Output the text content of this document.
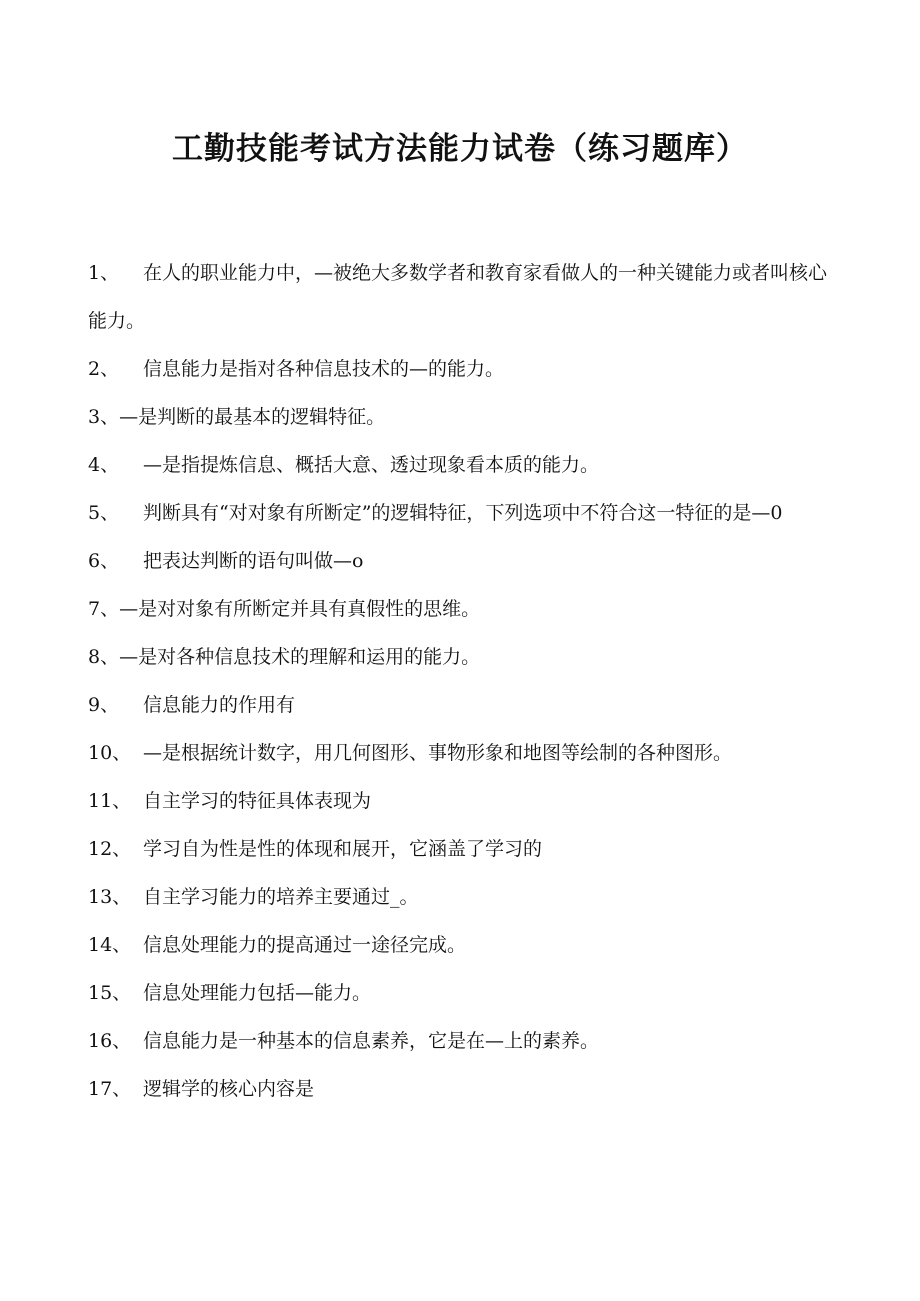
工勤技能考试方法能力试卷（练习题库）
1、 在人的职业能力中，—被绝大多数学者和教育家看做人的一种关键能力或者叫核心能力。
2、 信息能力是指对各种信息技术的—的能力。
3、—是判断的最基本的逻辑特征。
4、 —是指提炼信息、概括大意、透过现象看本质的能力。
5、 判断具有“对对象有所断定”的逻辑特征，下列选项中不符合这一特征的是—0
6、 把表达判断的语句叫做—o
7、—是对对象有所断定并具有真假性的思维。
8、—是对各种信息技术的理解和运用的能力。
9、 信息能力的作用有
10、 —是根据统计数字，用几何图形、事物形象和地图等绘制的各种图形。
11、 自主学习的特征具体表现为
12、 学习自为性是性的体现和展开，它涵盖了学习的
13、 自主学习能力的培养主要通过_。
14、 信息处理能力的提高通过一途径完成。
15、 信息处理能力包括—能力。
16、 信息能力是一种基本的信息素养，它是在—上的素养。
17、 逻辑学的核心内容是
